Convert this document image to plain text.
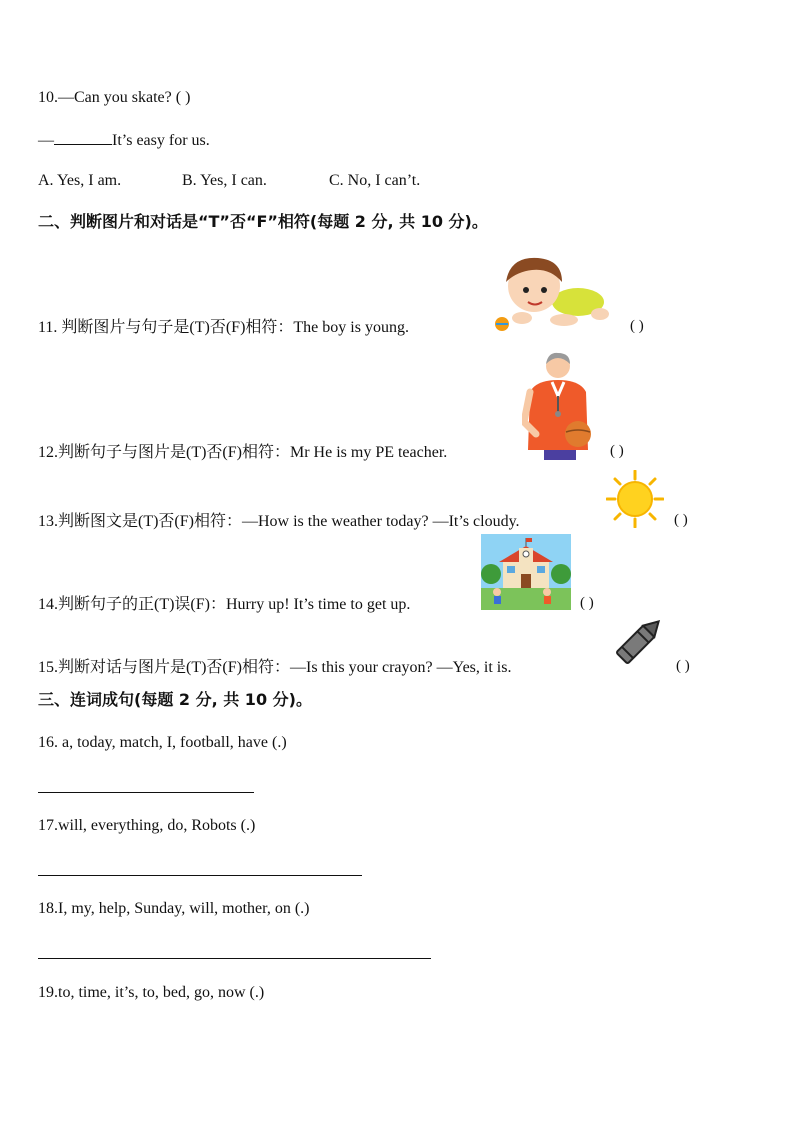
10.—Can you skate? ( )
—	It’s easy for us.
A. Yes, I am.	B. Yes, I can.	C. No, I can’t.
二、判断图片和对话是“T”否“F”相符(每题 2 分, 共 10 分)。
11. 判断图片与句子是(T)否(F)相符：The boy is young.	( )
12.判断句子与图片是(T)否(F)相符：Mr He is my PE teacher.	( )
13.判断图文是(T)否(F)相符：—How is the weather today? —It’s cloudy.	( )
14.判断句子的正(T)误(F)：Hurry up! It’s time to get up.	( )
15.判断对话与图片是(T)否(F)相符：—Is this your crayon? —Yes, it is.	( )
三、连词成句(每题 2 分, 共 10 分)。
16. a, today, match, I, football, have (.)
17.will, everything, do, Robots (.)
18.I, my, help, Sunday, will, mother, on (.)
19.to, time, it’s, to, bed, go, now (.)
